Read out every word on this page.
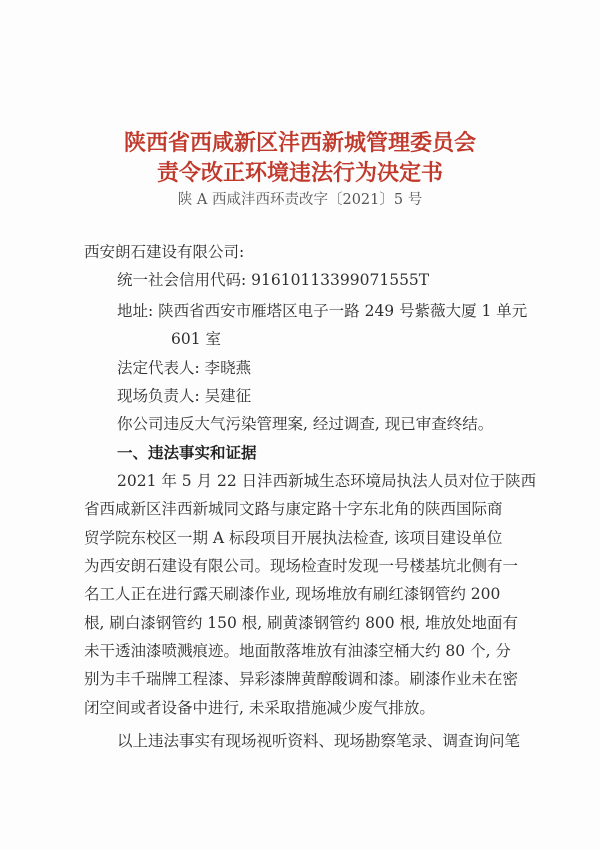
陕西省西咸新区沣西新城管理委员会
责令改正环境违法行为决定书
陕 A 西咸沣西环责改字〔2021〕5 号
西安朗石建设有限公司:
统一社会信用代码: 91610113399071555T
地址: 陕西省西安市雁塔区电子一路 249 号紫薇大厦 1 单元
601 室
法定代表人: 李晓燕
现场负责人: 吴建征
你公司违反大气污染管理案, 经过调查, 现已审查终结。
一、违法事实和证据
2021 年 5 月 22 日沣西新城生态环境局执法人员对位于陕西
省西咸新区沣西新城同文路与康定路十字东北角的陕西国际商
贸学院东校区一期 A 标段项目开展执法检查, 该项目建设单位
为西安朗石建设有限公司。现场检查时发现一号楼基坑北侧有一
名工人正在进行露天刷漆作业, 现场堆放有刷红漆钢管约 200
根, 刷白漆钢管约 150 根, 刷黄漆钢管约 800 根, 堆放处地面有
未干透油漆喷溅痕迹。地面散落堆放有油漆空桶大约 80 个, 分
别为丰千瑞牌工程漆、异彩漆牌黄醇酸调和漆。刷漆作业未在密
闭空间或者设备中进行, 未采取措施减少废气排放。
以上违法事实有现场视听资料、现场勘察笔录、调查询问笔
